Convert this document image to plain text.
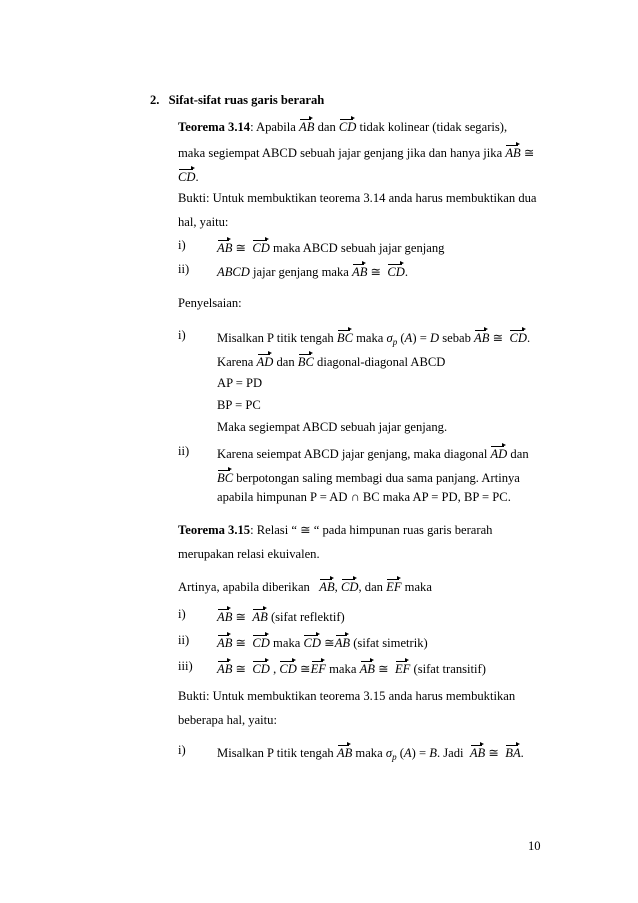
2. Sifat-sifat ruas garis berarah
Teorema 3.14: Apabila AB dan CD tidak kolinear (tidak segaris),
maka segiempat ABCD sebuah jajar genjang jika dan hanya jika AB ≅
CD.
Bukti: Untuk membuktikan teorema 3.14 anda harus membuktikan dua
hal, yaitu:
i) AB ≅ CD maka ABCD sebuah jajar genjang
ii) ABCD jajar genjang maka AB ≅ CD.
Penyelsaian:
i) Misalkan P titik tengah BC maka $\sigma_p$ (A) = D sebab AB ≅ CD.
Karena AD dan BC diagonal-diagonal ABCD
AP = PD
BP = PC
Maka segiempat ABCD sebuah jajar genjang.
ii) Karena seiempat ABCD jajar genjang, maka diagonal AD dan
BC berpotongan saling membagi dua sama panjang. Artinya
apabila himpunan P = AD ∩ BC maka AP = PD, BP = PC.
Teorema 3.15: Relasi “ ≅ “ pada himpunan ruas garis berarah
merupakan relasi ekuivalen.
Artinya, apabila diberikan   AB, CD, dan EF maka
i) AB ≅ AB (sifat reflektif)
ii) AB ≅ CD maka CD ≅AB (sifat simetrik)
iii) AB ≅ CD , CD ≅EF maka AB ≅ EF (sifat transitif)
Bukti: Untuk membuktikan teorema 3.15 anda harus membuktikan
beberapa hal, yaitu:
i) Misalkan P titik tengah AB maka $\sigma_p$ (A) = B. Jadi  AB ≅ BA.
10
